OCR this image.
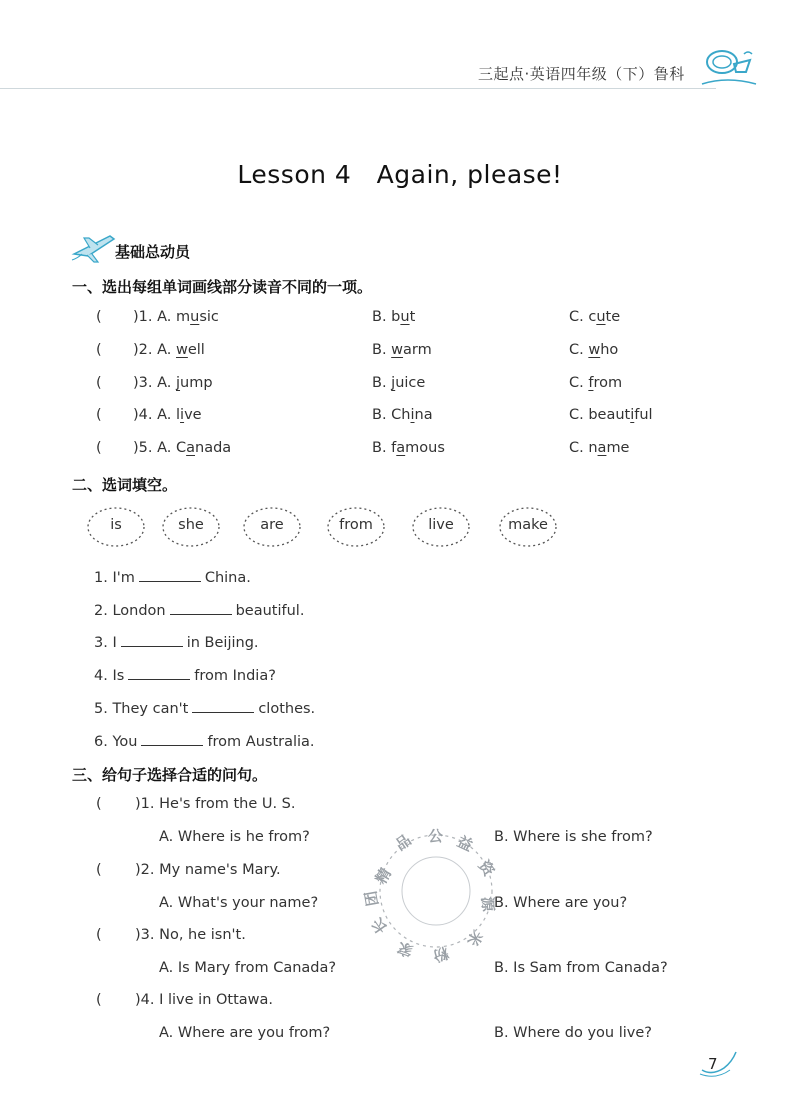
三起点·英语四年级（下）鲁科
Lesson 4   Again, please!
基础总动员
一、选出每组单词画线部分读音不同的一项。
( )1. A. music	B. but	C. cute
( )2. A. well	B. warm	C. who
( )3. A. jump	B. juice	C. from
( )4. A. live	B. China	C. beautiful
( )5. A. Canada	B. famous	C. name
二、选词填空。
is	she	are	from	live	make
1. I'm	China.
2. London	beautiful.
3. I	in Beijing.
4. Is	from India?
5. They can't	clothes.
6. You	from Australia.
三、给句子选择合适的问句。
( )1. He's from the U. S.
A. Where is he from?	B. Where is she from?
( )2. My name's Mary.
A. What's your name?	B. Where are you?
( )3. No, he isn't.
A. Is Mary from Canada?	B. Is Sam from Canada?
( )4. I live in Ottawa.
A. Where are you from?	B. Where do you live?
精
品 公 益
资
源
米
粉
家
长
团
7
